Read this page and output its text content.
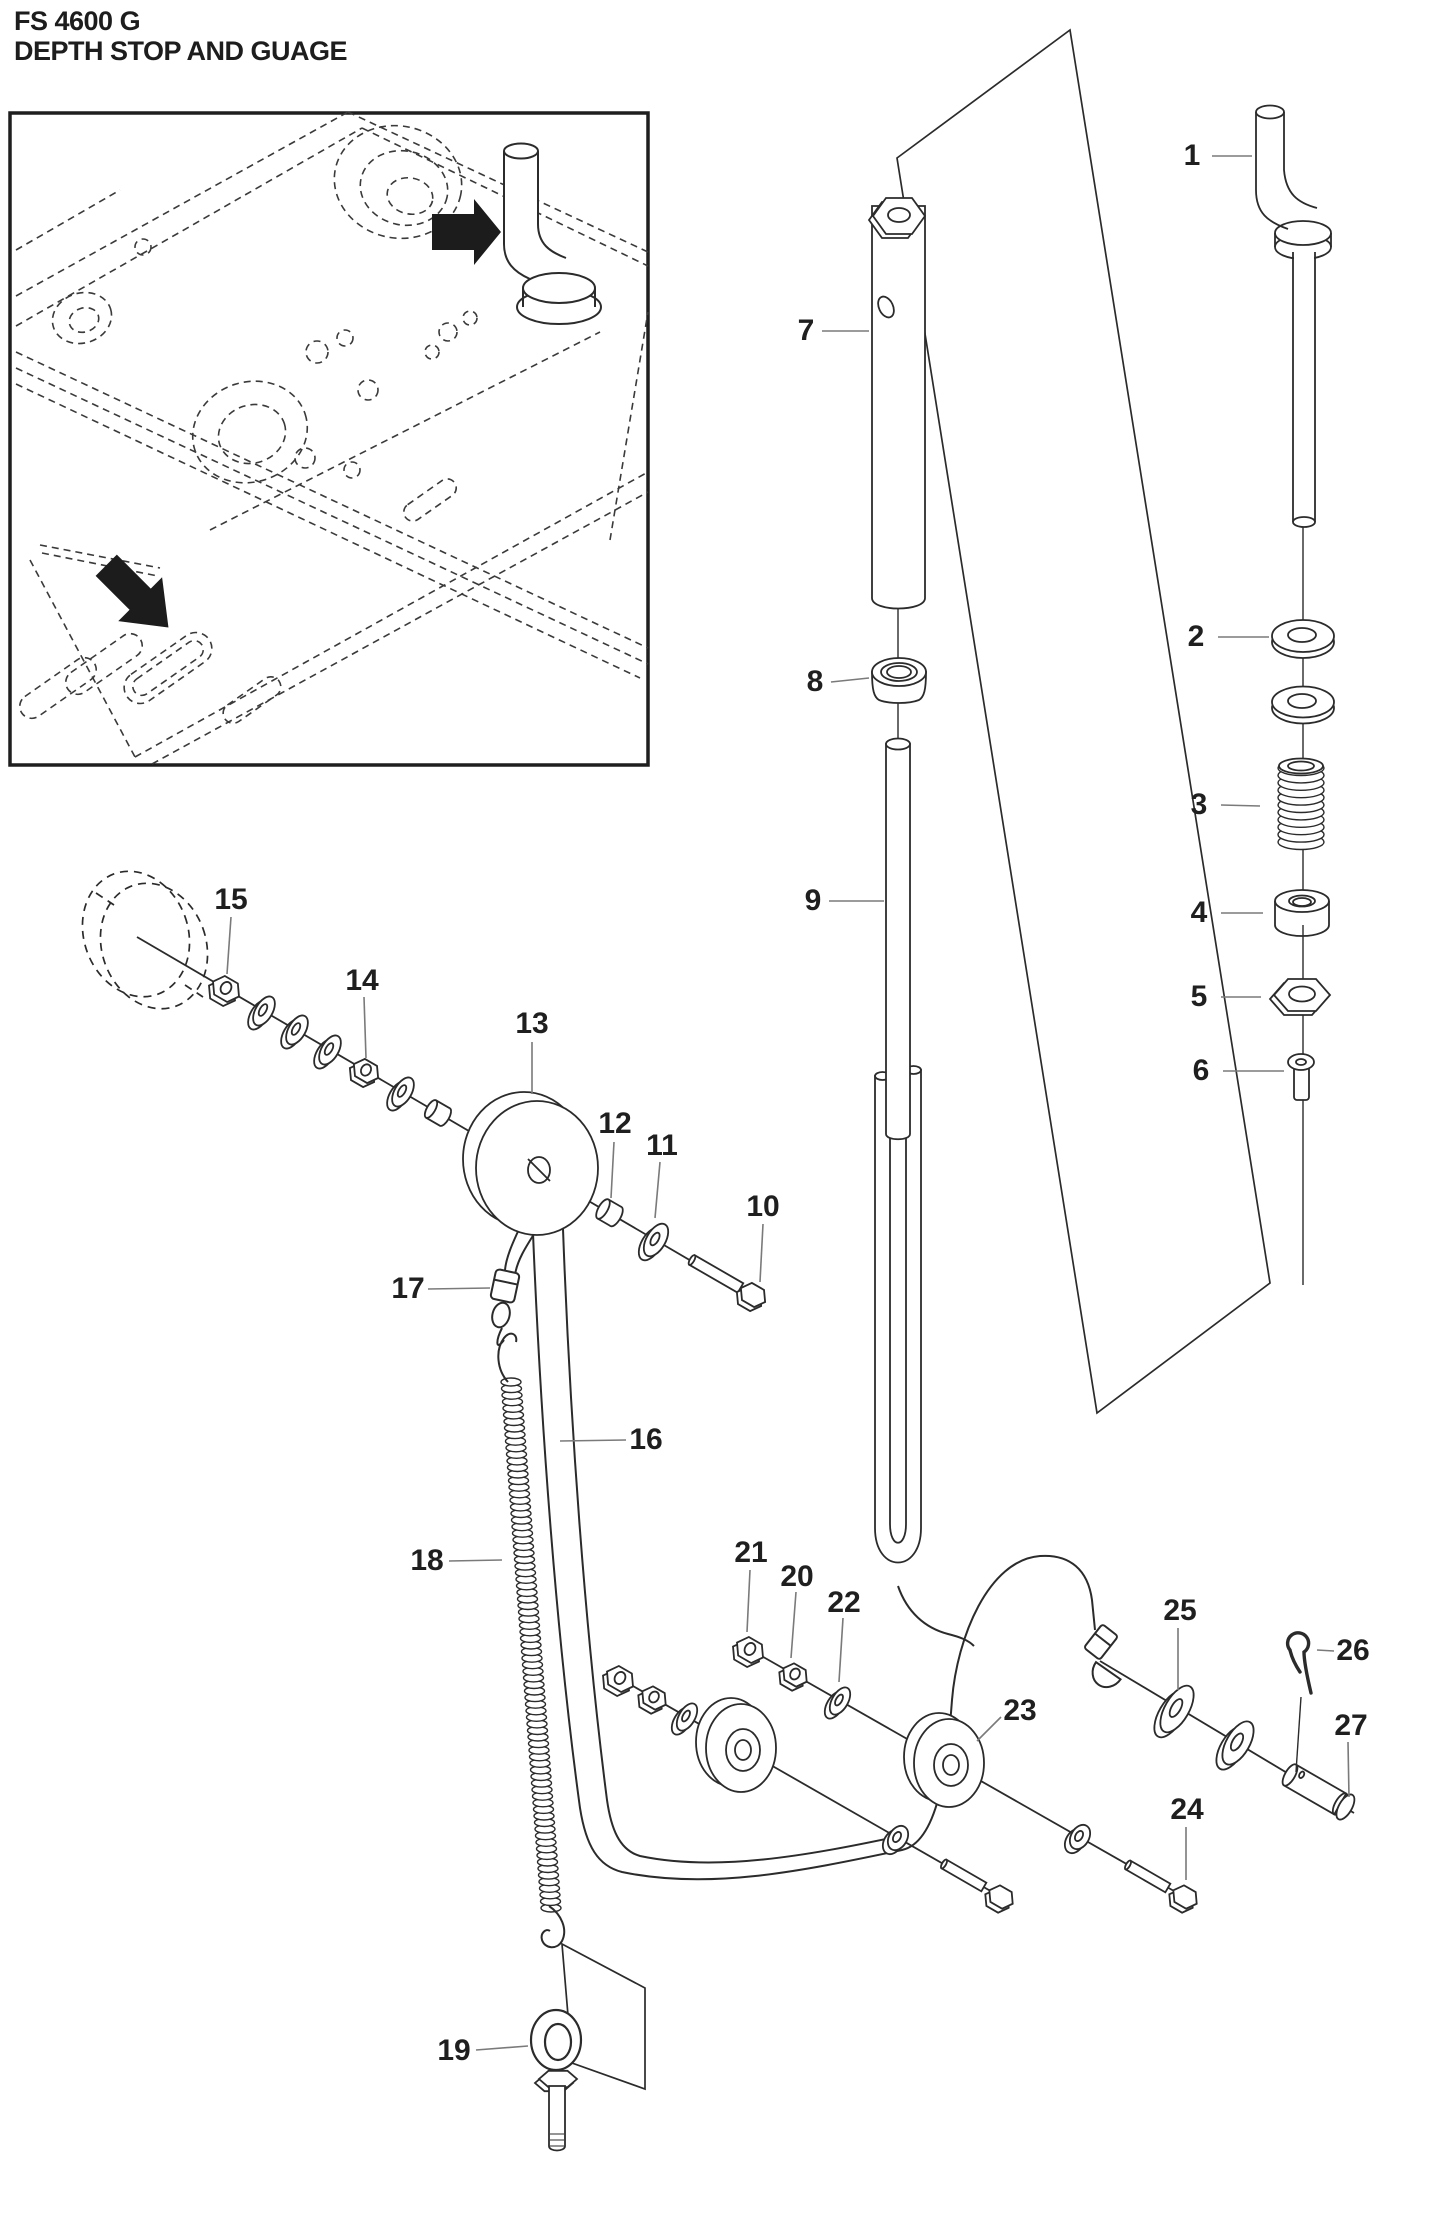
FS 4600 G
DEPTH STOP AND GUAGE
1
2
3
4
5
6
7
8
9
10
11
12
13
14
15
16
17
18
19
20
21
22
23
24
25
26
27
